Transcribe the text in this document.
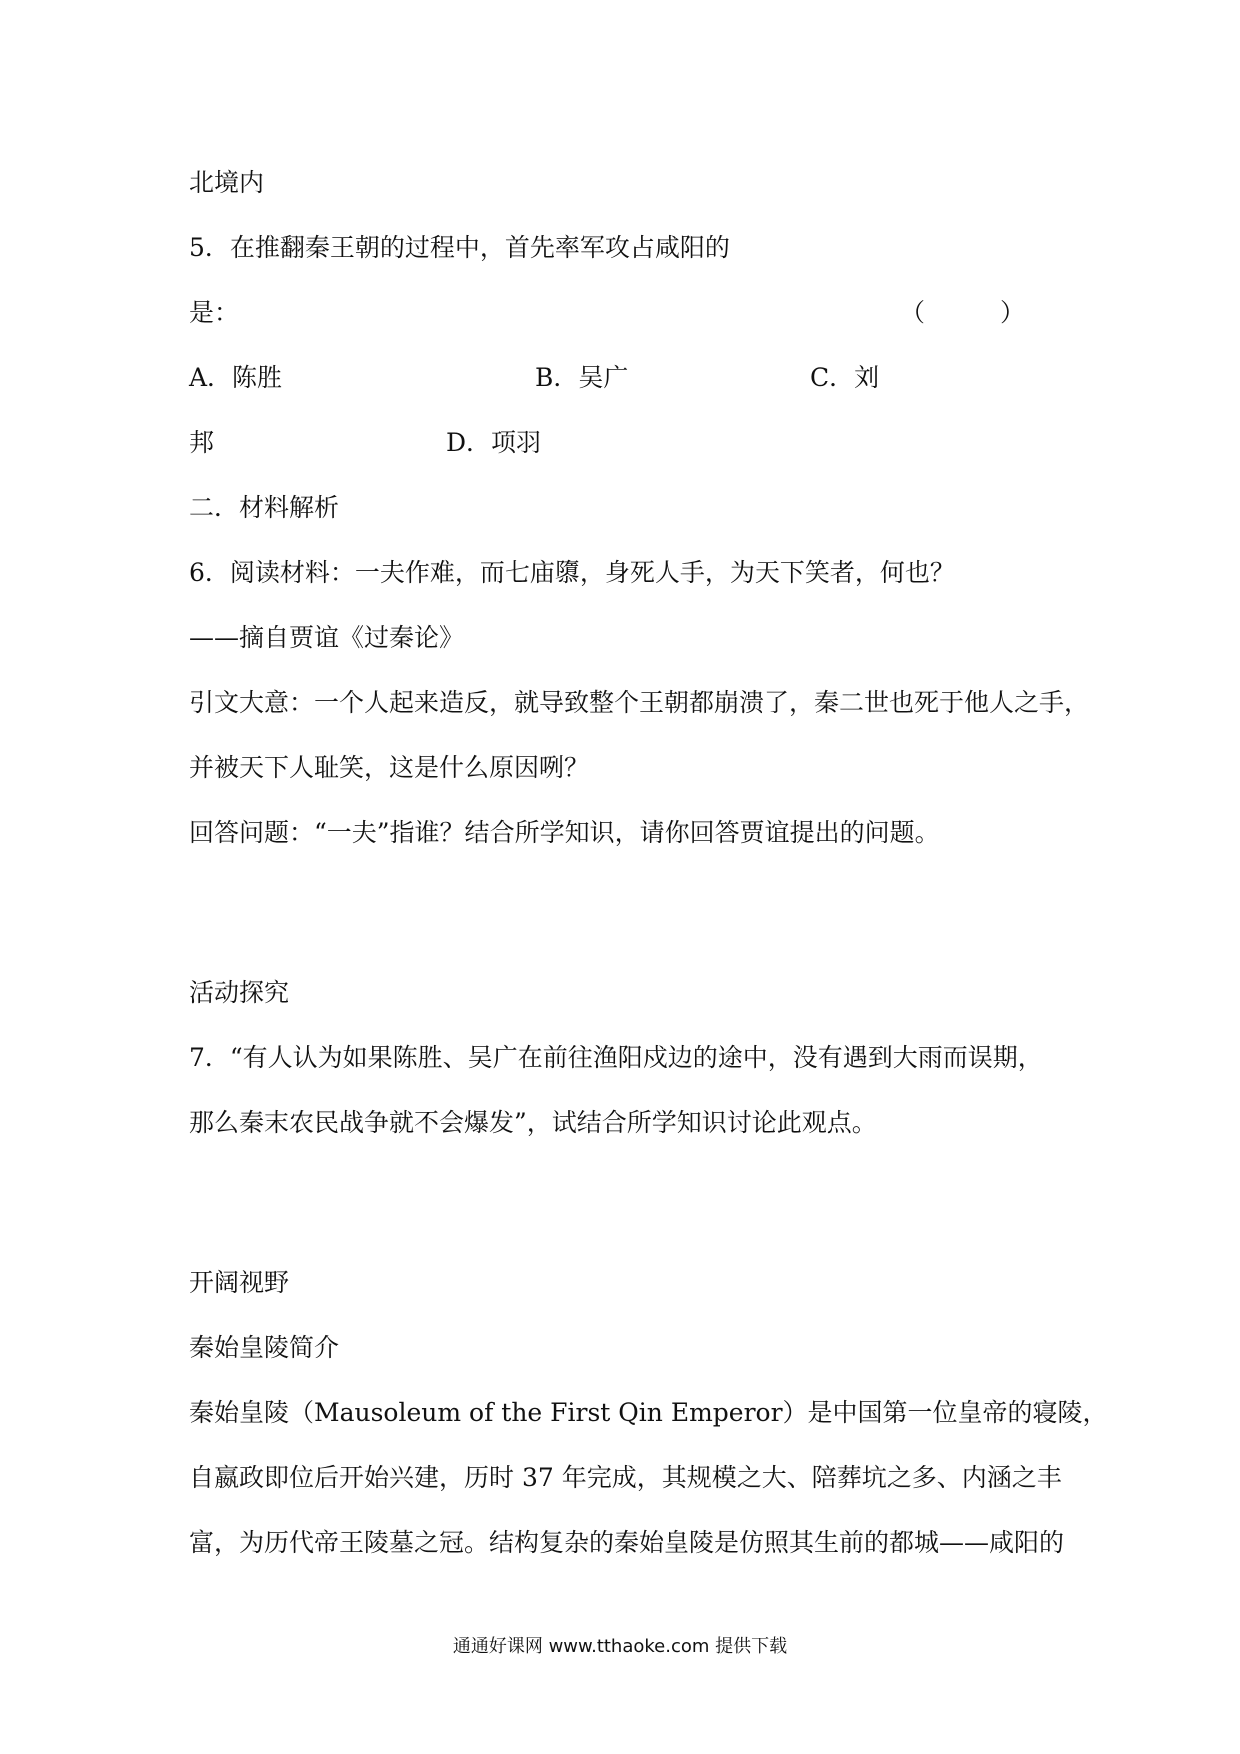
北境内
5．在推翻秦王朝的过程中，首先率军攻占咸阳的
是：	（　　　）
A．陈胜	B．吴广	C．刘
邦	D．项羽
二．材料解析
6．阅读材料：一夫作难，而七庙隳，身死人手，为天下笑者，何也？
——摘自贾谊《过秦论》
引文大意：一个人起来造反，就导致整个王朝都崩溃了，秦二世也死于他人之手，
并被天下人耻笑，这是什么原因咧？
回答问题：“一夫”指谁？结合所学知识，请你回答贾谊提出的问题。
活动探究
7．“有人认为如果陈胜、吴广在前往渔阳戍边的途中，没有遇到大雨而误期，
那么秦末农民战争就不会爆发”，试结合所学知识讨论此观点。
开阔视野
秦始皇陵简介
秦始皇陵（Mausoleum of the First Qin Emperor）是中国第一位皇帝的寝陵，
自嬴政即位后开始兴建，历时 37 年完成，其规模之大、陪葬坑之多、内涵之丰
富，为历代帝王陵墓之冠。结构复杂的秦始皇陵是仿照其生前的都城——咸阳的
通通好课网 www.tthaoke.com 提供下载
